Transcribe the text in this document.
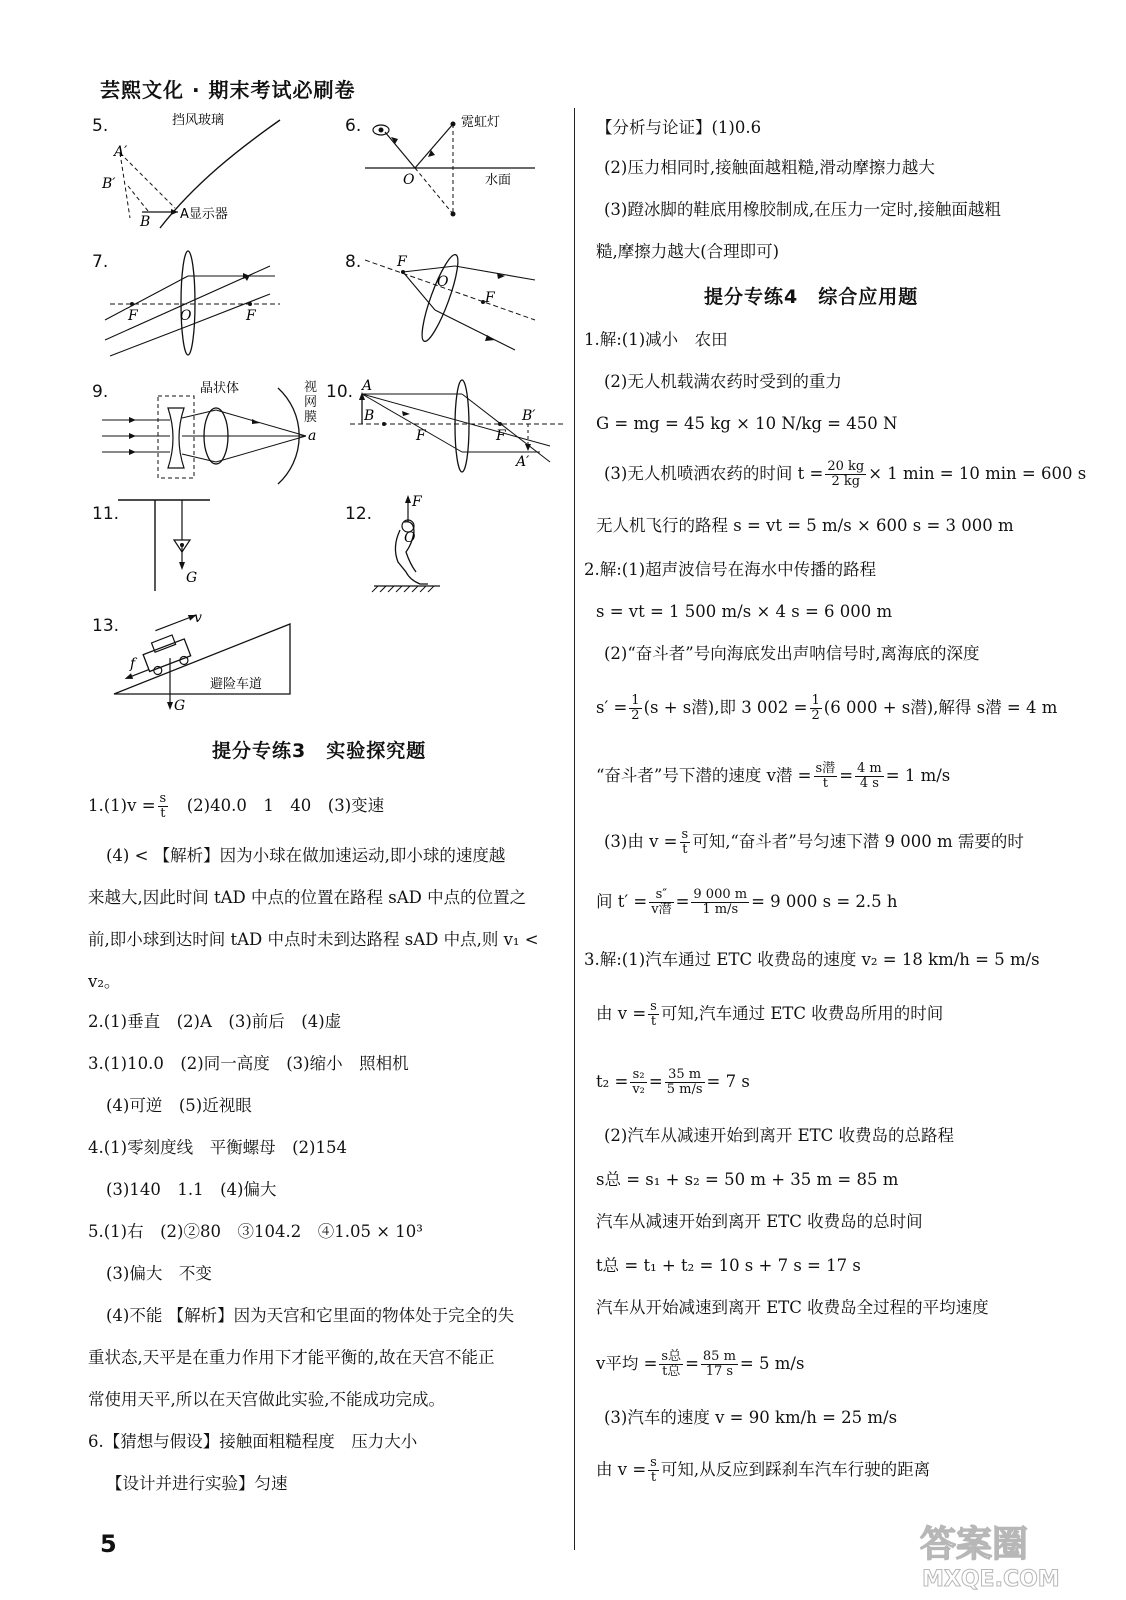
芸熙文化 · 期末考试必刷卷
5.
A′
B′
B A显示器
挡风玻璃	6.
O
霓虹灯
水面
7.
F	O	F
8.	F
O
F
9.	晶状体
a
视网膜
10. A
B
F	F
B′
A′
11.
G
12.
F
O
13.	v
f
避险车道
G
提分专练3　实验探究题
$1.(1)v = \frac{s}{t}$
　 (2)40.0　1　40　(3)变速
(4) < 【解析】因为小球在做加速运动,即小球的速度越
来越大,因此时间 tAD 中点的位置在路程 sAD 中点的位置之
前,即小球到达时间 tAD 中点时未到达路程 sAD 中点,则 v₁ <
v₂。
2.(1)垂直　(2)A　(3)前后　(4)虚
3.(1)10.0　(2)同一高度　(3)缩小　照相机
(4)可逆　(5)近视眼
4.(1)零刻度线　平衡螺母　(2)154
(3)140　1.1　(4)偏大
5.(1)右　(2)②80　③104.2　④1.05 × 10³
(3)偏大　不变
(4)不能 【解析】因为天宫和它里面的物体处于完全的失
重状态,天平是在重力作用下才能平衡的,故在天宫不能正
常使用天平,所以在天宫做此实验,不能成功完成。
6.【猜想与假设】接触面粗糙程度　压力大小
【设计并进行实验】匀速
5
【分析与论证】(1)0.6
(2)压力相同时,接触面越粗糙,滑动摩擦力越大
(3)蹬冰脚的鞋底用橡胶制成,在压力一定时,接触面越粗
糙,摩擦力越大(合理即可)
提分专练4　综合应用题
1.解:(1)减小　农田
(2)无人机载满农药时受到的重力
G = mg = 45 kg × 10 N/kg = 450 N
(3)无人机喷洒农药的时间 $t = \frac{20 kg}{2 kg} \times 1$ min = 10 min = 600 s
无人机飞行的路程 s = vt = 5 m/s × 600 s = 3 000 m
2.解:(1)超声波信号在海水中传播的路程
s = vt = 1 500 m/s × 4 s = 6 000 m
(2)“奋斗者”号向海底发出声呐信号时,离海底的深度
$s' = \frac{1}{2} (s + s$潜),即 3 $002 = \frac{1}{2} (6$ 000 + s潜),解得 s潜 = 4 m
“奋斗者”号下潜的速度 v潜 = $\frac{\text{s潜}}{t} = \frac{4 m}{4 s} = 1$ m/s
(3)由 $v = \frac{s}{t}$ 可知,“奋斗者”号匀速下潜 9 000 m 需要的时
间 $t' = \frac{s''}{\text{v潜}} = \frac{9 000 m}{1 m/s} = 9$ 000 s = 2.5 h
3.解:(1)汽车通过 ETC 收费岛的速度 v₂ = 18 km/h = 5 m/s
由 $v = \frac{s}{t}$ 可知,汽车通过 ETC 收费岛所用的时间
$t_2 = \frac{\text{s₂}}{\text{v₂}} = \frac{35 m}{5 m/s} = 7$ s
(2)汽车从减速开始到离开 ETC 收费岛的总路程
s总 = s₁ + s₂ = 50 m + 35 m = 85 m
汽车从减速开始到离开 ETC 收费岛的总时间
t总 = t₁ + t₂ = 10 s + 7 s = 17 s
汽车从开始减速到离开 ETC 收费岛全过程的平均速度
v平均 = $\frac{\text{s总}}{\text{t总}} = \frac{85 m}{17 s} = 5$ m/s
(3)汽车的速度 v = 90 km/h = 25 m/s
由 $v = \frac{s}{t}$ 可知,从反应到踩刹车汽车行驶的距离
答案圈
MXQE.COM
